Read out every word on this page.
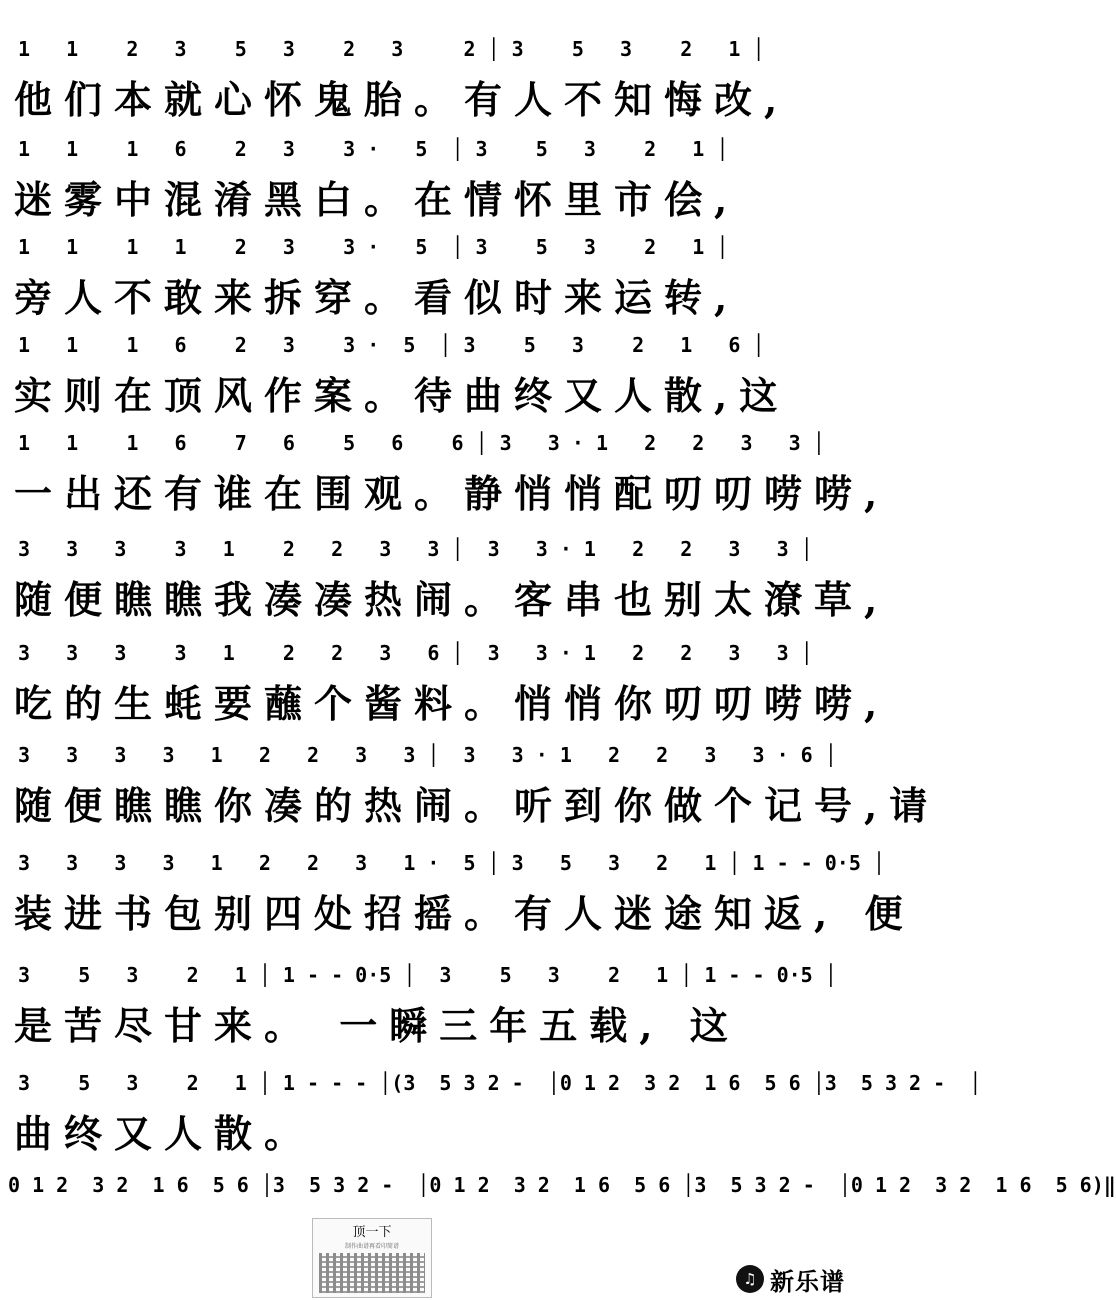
1   1    2   3    5   3    2   3     2 │ 3    5   3    2   1 │
他们本就心怀鬼胎。有人不知悔改,
1   1    1   6    2   3    3 ·   5  │ 3    5   3    2   1 │
迷雾中混淆黑白。在情怀里市侩,
1   1    1   1    2   3    3 ·   5  │ 3    5   3    2   1 │
旁人不敢来拆穿。看似时来运转,
1   1    1   6    2   3    3 ·  5  │ 3    5   3    2   1   6 │
实则在顶风作案。待曲终又人散,这
1   1    1   6    7   6    5   6    6 │ 3   3 · 1   2   2   3   3 │
一出还有谁在围观。静悄悄配叨叨唠唠,
3   3   3    3   1    2   2   3   3 │  3   3 · 1   2   2   3   3 │
随便瞧瞧我凑凑热闹。客串也别太潦草,
3   3   3    3   1    2   2   3   6 │  3   3 · 1   2   2   3   3 │
吃的生蚝要蘸个酱料。悄悄你叨叨唠唠,
3   3   3   3   1   2   2   3   3 │  3   3 · 1   2   2   3   3 · 6 │
随便瞧瞧你凑的热闹。听到你做个记号,请
3   3   3   3   1   2   2   3   1 ·  5 │ 3   5   3   2   1 │ 1 - - 0·5 │
装进书包别四处招摇。有人迷途知返, 便
3    5   3    2   1 │ 1 - - 0·5 │  3    5   3    2   1 │ 1 - - 0·5 │
是苦尽甘来。 一瞬三年五载, 这
3    5   3    2   1 │ 1 - - - │(3  5 3 2 -  │0 1 2  3 2  1 6  5 6 │3  5 3 2 -  │
曲终又人散。
0 1 2  3 2  1 6  5 6 │3  5 3 2 -  │0 1 2  3 2  1 6  5 6 │3  5 3 2 -  │0 1 2  3 2  1 6  5 6)‖
顶一下
制作曲谱再看印简谱
♫ 新乐谱
